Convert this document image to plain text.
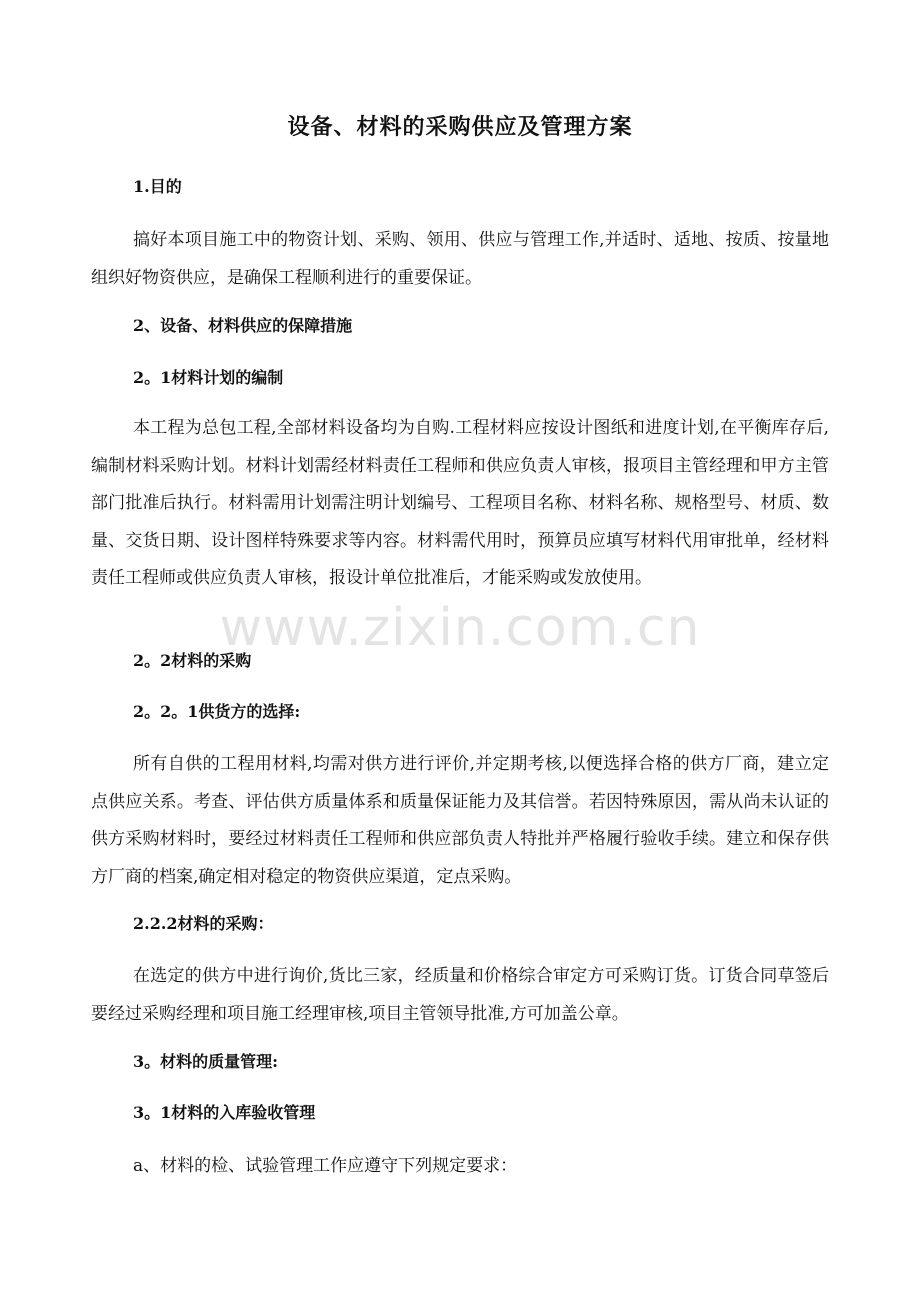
设备、材料的采购供应及管理方案
1.目的

搞好本项目施工中的物资计划、采购、领用、供应与管理工作,并适时、适地、按质、按量地组织好物资供应，是确保工程顺利进行的重要保证。

2、设备、材料供应的保障措施
2。1材料计划的编制

本工程为总包工程,全部材料设备均为自购.工程材料应按设计图纸和进度计划,在平衡库存后,编制材料采购计划。材料计划需经材料责任工程师和供应负责人审核，报项目主管经理和甲方主管部门批准后执行。材料需用计划需注明计划编号、工程项目名称、材料名称、规格型号、材质、数量、交货日期、设计图样特殊要求等内容。材料需代用时，预算员应填写材料代用审批单，经材料责任工程师或供应负责人审核，报设计单位批准后，才能采购或发放使用。

2。2材料的采购
2。2。1供货方的选择:

所有自供的工程用材料,均需对供方进行评价,并定期考核,以便选择合格的供方厂商，建立定点供应关系。考查、评估供方质量体系和质量保证能力及其信誉。若因特殊原因，需从尚未认证的供方采购材料时，要经过材料责任工程师和供应部负责人特批并严格履行验收手续。建立和保存供方厂商的档案,确定相对稳定的物资供应渠道，定点采购。

2.2.2材料的采购：

在选定的供方中进行询价,货比三家，经质量和价格综合审定方可采购订货。订货合同草签后要经过采购经理和项目施工经理审核,项目主管领导批准,方可加盖公章。

3。材料的质量管理:
3。1材料的入库验收管理

a、材料的检、试验管理工作应遵守下列规定要求：

www.zixin.com.cn
